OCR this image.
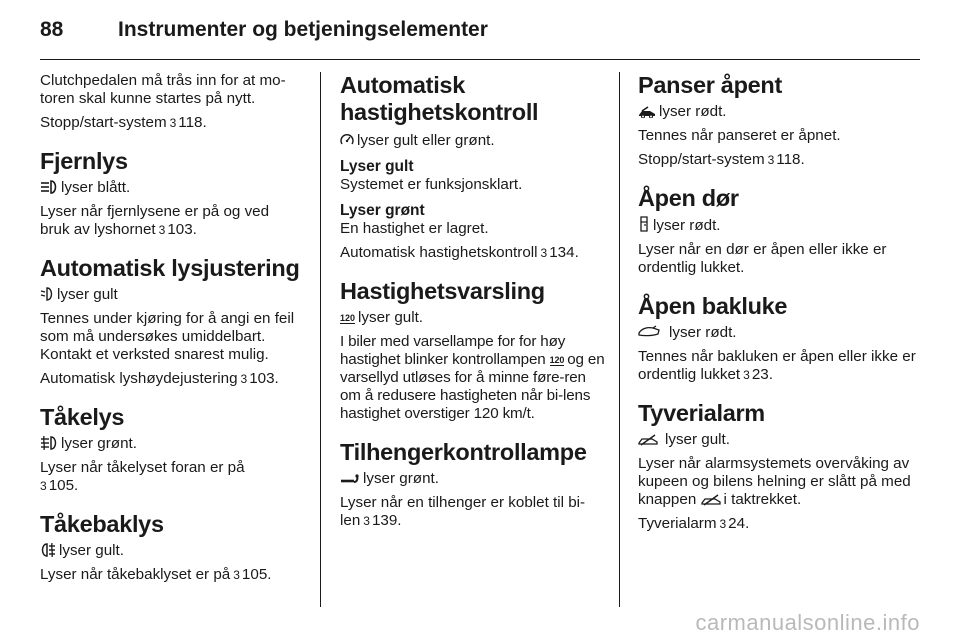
88	Instrumenter og betjeningselementer

Clutchpedalen må trås inn for at mo-toren skal kunne startes på nytt.

Stopp/start-system 3 118.

Fjernlys

lyser blått.

Lyser når fjernlysene er på og ved bruk av lyshornet 3 103.

Automatisk lysjustering

lyser gult

Tennes under kjøring for å angi en feil som må undersøkes umiddelbart. Kontakt et verksted snarest mulig.

Automatisk lyshøydejustering 3 103.

Tåkelys

lyser grønt.

Lyser når tåkelyset foran er på
3 105.

Tåkebaklys

lyser gult.

Lyser når tåkebaklyset er på 3 105.

Automatisk hastighetskontroll

lyser gult eller grønt.

Lyser gult

Systemet er funksjonsklart.

Lyser grønt

En hastighet er lagret.

Automatisk hastighetskontroll 3 134.

Hastighetsvarsling

120 lyser gult.

I biler med varsellampe for for høy hastighet blinker kontrollampen 120 og en varsellyd utløses for å minne føre-ren om å redusere hastigheten når bi-lens hastighet overstiger 120 km/t.

Tilhengerkontrollampe

lyser grønt.

Lyser når en tilhenger er koblet til bi-len 3 139.

Panser åpent

lyser rødt.

Tennes når panseret er åpnet.

Stopp/start-system 3 118.

Åpen dør

lyser rødt.

Lyser når en dør er åpen eller ikke er ordentlig lukket.

Åpen bakluke

lyser rødt.

Tennes når bakluken er åpen eller ikke er ordentlig lukket 3 23.

Tyverialarm

lyser gult.

Lyser når alarmsystemets overvåking av kupeen og bilens helning er slått på med knappen i taktrekket.

Tyverialarm 3 24.

carmanualsonline.info
